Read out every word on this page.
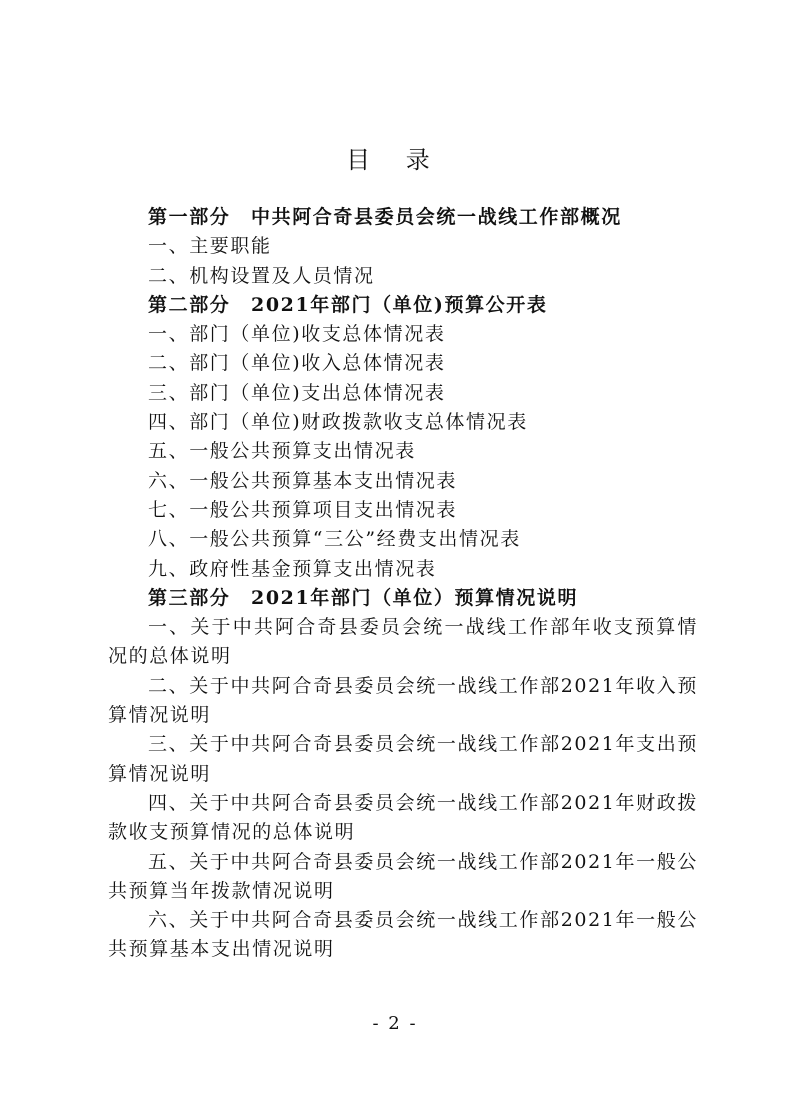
目 录
第一部分　中共阿合奇县委员会统一战线工作部概况
一、主要职能
二、机构设置及人员情况
第二部分　2021年部门（单位)预算公开表
一、部门（单位)收支总体情况表
二、部门（单位)收入总体情况表
三、部门（单位)支出总体情况表
四、部门（单位)财政拨款收支总体情况表
五、一般公共预算支出情况表
六、一般公共预算基本支出情况表
七、一般公共预算项目支出情况表
八、一般公共预算“三公”经费支出情况表
九、政府性基金预算支出情况表
第三部分　2021年部门（单位）预算情况说明
一、关于中共阿合奇县委员会统一战线工作部年收支预算情况的总体说明
二、关于中共阿合奇县委员会统一战线工作部2021年收入预算情况说明
三、关于中共阿合奇县委员会统一战线工作部2021年支出预算情况说明
四、关于中共阿合奇县委员会统一战线工作部2021年财政拨款收支预算情况的总体说明
五、关于中共阿合奇县委员会统一战线工作部2021年一般公共预算当年拨款情况说明
六、关于中共阿合奇县委员会统一战线工作部2021年一般公共预算基本支出情况说明
- 2 -
